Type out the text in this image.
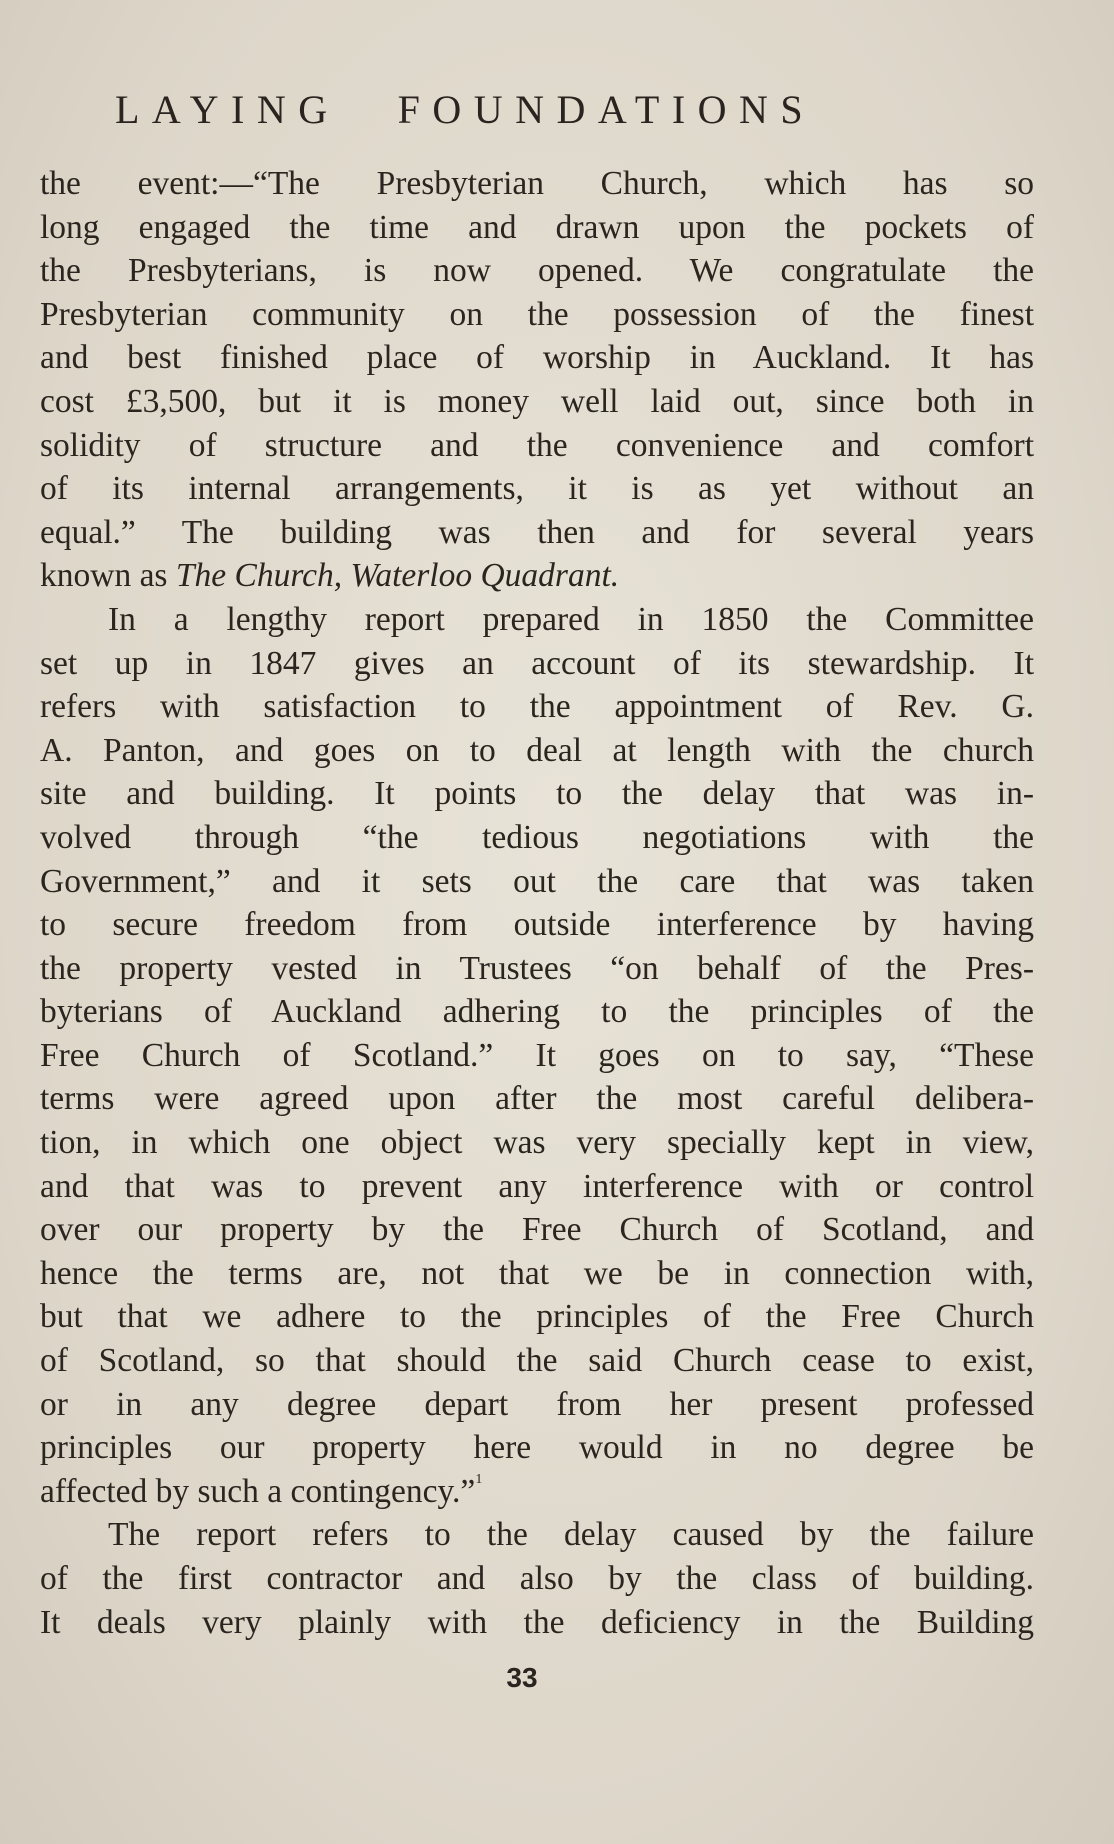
LAYING FOUNDATIONS
the event:—“The Presbyterian Church, which has so
long engaged the time and drawn upon the pockets of
the Presbyterians, is now opened. We congratulate the
Presbyterian community on the possession of the finest
and best finished place of worship in Auckland. It has
cost £3,500, but it is money well laid out, since both in
solidity of structure and the convenience and comfort
of its internal arrangements, it is as yet without an
equal.” The building was then and for several years
known as The Church, Waterloo Quadrant.
In a lengthy report prepared in 1850 the Committee
set up in 1847 gives an account of its stewardship. It
refers with satisfaction to the appointment of Rev. G.
A. Panton, and goes on to deal at length with the church
site and building. It points to the delay that was in-
volved through “the tedious negotiations with the
Government,” and it sets out the care that was taken
to secure freedom from outside interference by having
the property vested in Trustees “on behalf of the Pres-
byterians of Auckland adhering to the principles of the
Free Church of Scotland.” It goes on to say, “These
terms were agreed upon after the most careful delibera-
tion, in which one object was very specially kept in view,
and that was to prevent any interference with or control
over our property by the Free Church of Scotland, and
hence the terms are, not that we be in connection with,
but that we adhere to the principles of the Free Church
of Scotland, so that should the said Church cease to exist,
or in any degree depart from her present professed
principles our property here would in no degree be
affected by such a contingency.”$^1$
The report refers to the delay caused by the failure
of the first contractor and also by the class of building.
It deals very plainly with the deficiency in the Building
33
